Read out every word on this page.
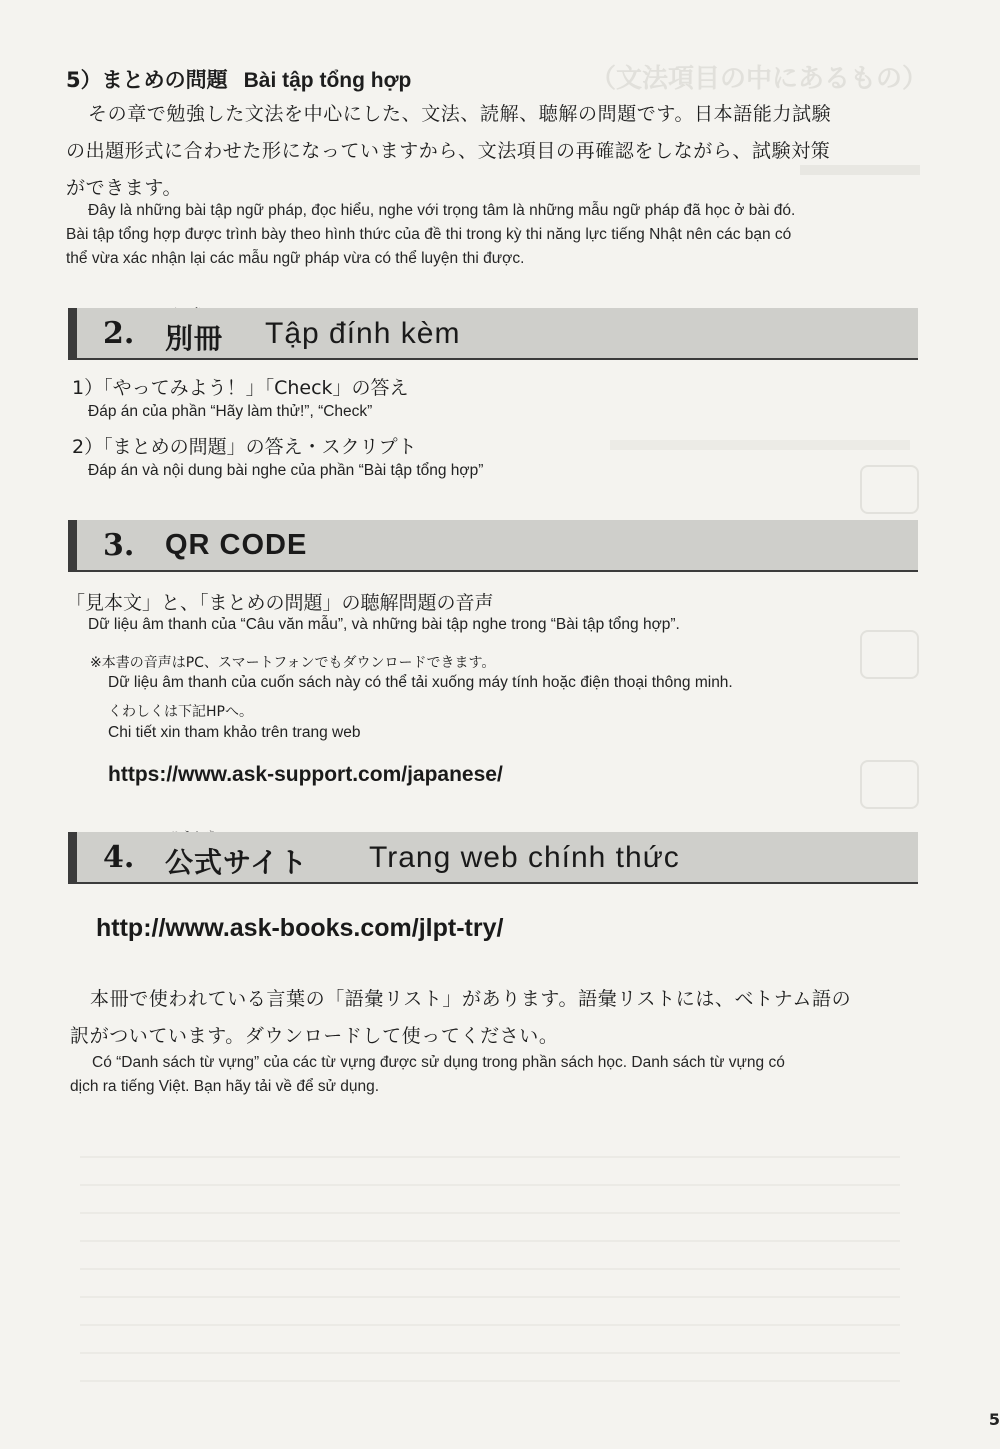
（文法項目の中にあるもの）
5）まとめの問題 Bài tập tổng hợp
その章で勉強した文法を中心にした、文法、読解、聴解の問題です。日本語能力試験
の出題形式に合わせた形になっていますから、文法項目の再確認をしながら、試験対策
ができます。
Đây là những bài tập ngữ pháp, đọc hiểu, nghe với trọng tâm là những mẫu ngữ pháp đã học ở bài đó.
Bài tập tổng hợp được trình bày theo hình thức của đề thi trong kỳ thi năng lực tiếng Nhật nên các bạn có
thể vừa xác nhận lại các mẫu ngữ pháp vừa có thể luyện thi được.
2. 別冊 Tập đính kèm
1）「やってみよう！」「Check」の答え
Đáp án của phần “Hãy làm thử!”, “Check”
2）「まとめの問題」の答え・スクリプト
Đáp án và nội dung bài nghe của phần “Bài tập tổng hợp”
3. QR CODE
「見本文」と、「まとめの問題」の聴解問題の音声
Dữ liệu âm thanh của “Câu văn mẫu”, và những bài tập nghe trong “Bài tập tổng hợp”.
※本書の音声はPC、スマートフォンでもダウンロードできます。
Dữ liệu âm thanh của cuốn sách này có thể tải xuống máy tính hoặc điện thoại thông minh.
くわしくは下記HPへ。
Chi tiết xin tham khảo trên trang web
https://www.ask-support.com/japanese/
4. 公式サイト Trang web chính thức
http://www.ask-books.com/jlpt-try/
本冊で使われている言葉の「語彙リスト」があります。語彙リストには、ベトナム語の
訳がついています。ダウンロードして使ってください。
Có “Danh sách từ vựng” của các từ vựng được sử dụng trong phần sách học. Danh sách từ vựng có
dịch ra tiếng Việt. Bạn hãy tải về để sử dụng.
5
